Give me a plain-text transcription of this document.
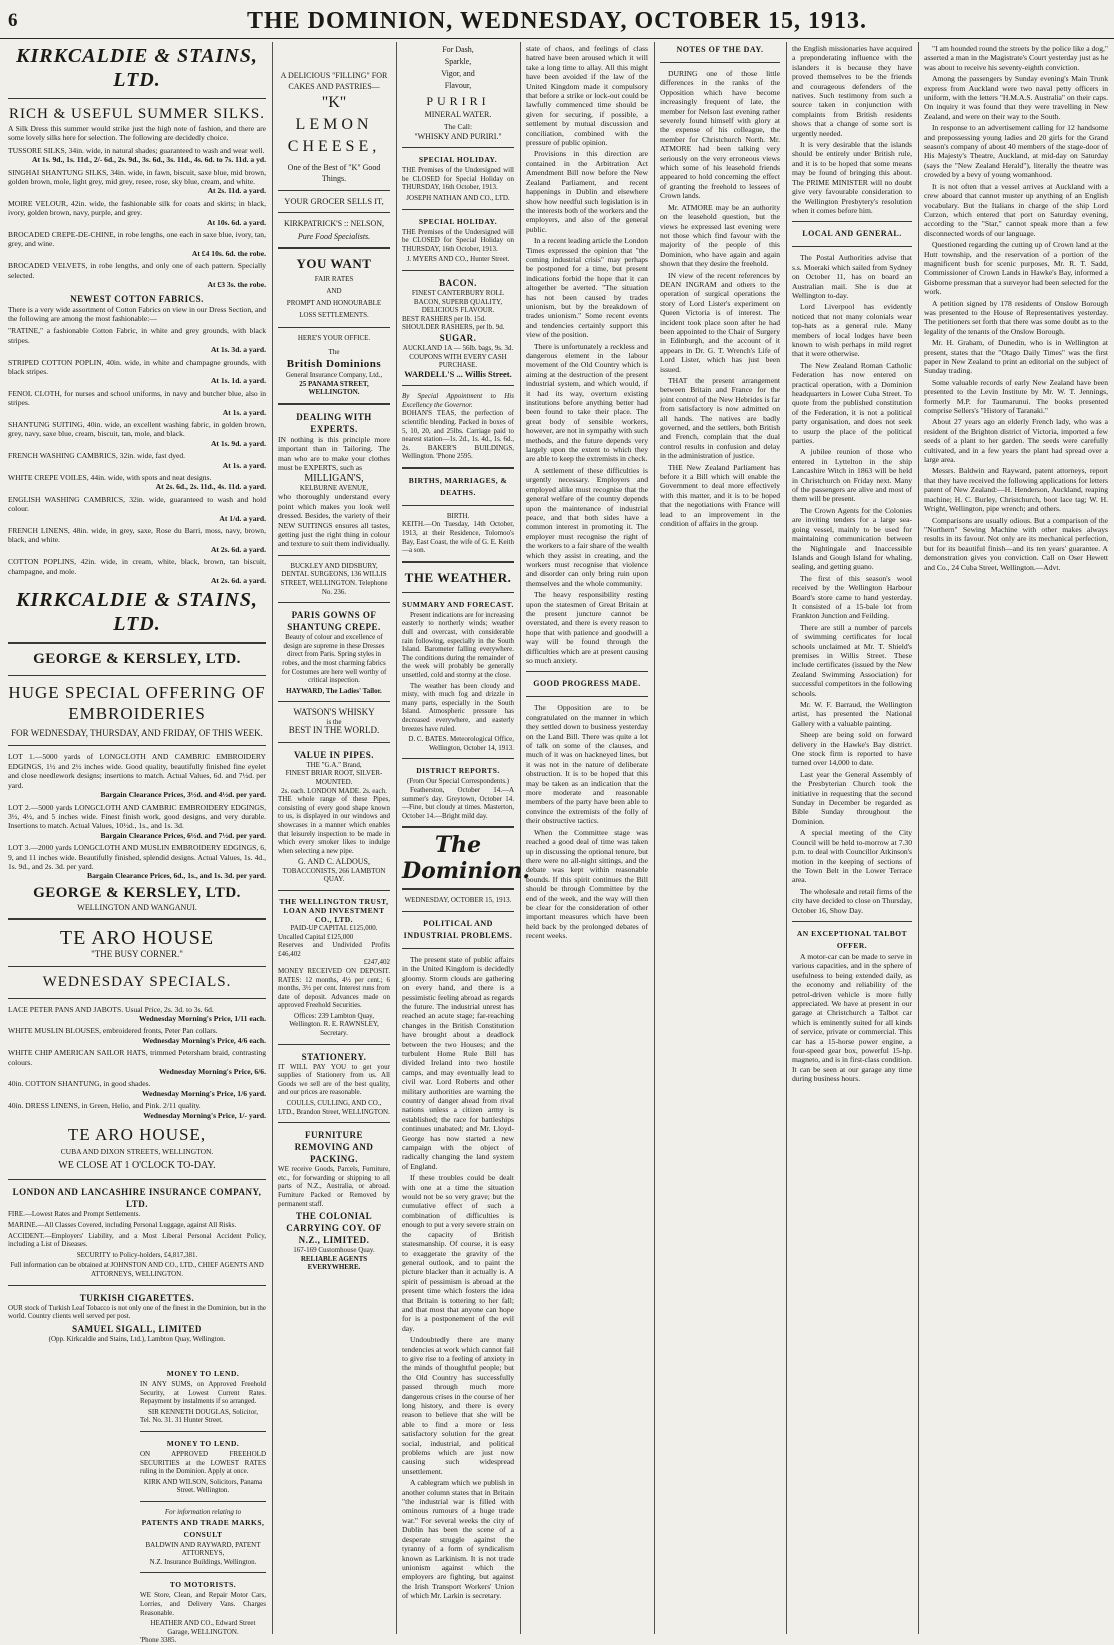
6	THE DOMINION, WEDNESDAY, OCTOBER 15, 1913.
KIRKCALDIE & STAINS, LTD.
RICH & USEFUL SUMMER SILKS.

A Silk Dress this summer would strike just the high note of fashion, and there are some lovely silks here for selection. The following are decidedly choice.

TUSSORE SILKS, 34in. wide, in natural shades; guaranteed to wash and wear well.
At 1s. 9d., 1s. 11d., 2/- 6d., 2s. 9d., 3s. 6d., 3s. 11d., 4s. 6d. to 7s. 11d. a yd.
SINGHAI SHANTUNG SILKS, 34in. wide, in fawn, biscuit, saxe blue, mid brown, golden brown, mole, light grey, mid grey, resee, rose, sky blue, cream, and white.
At 2s. 11d. a yard.
MOIRE VELOUR, 42in. wide, the fashionable silk for coats and skirts; in black, ivory, golden brown, navy, purple, and grey.
At 10s. 6d. a yard.
BROCADED CREPE-DE-CHINE, in robe lengths, one each in saxe blue, ivory, tan, grey, and wine.
At £4 10s. 6d. the robe.
BROCADED VELVETS, in robe lengths, and only one of each pattern. Specially selected.
At £3 3s. the robe.
NEWEST COTTON FABRICS.

There is a very wide assortment of Cotton Fabrics on view in our Dress Section, and the following are among the most fashionable:—

"RATINE," a fashionable Cotton Fabric, in white and grey grounds, with black stripes.
At 1s. 3d. a yard.
STRIPED COTTON POPLIN, 40in. wide, in white and champagne grounds, with black stripes.
At 1s. 1d. a yard.
FENOL CLOTH, for nurses and school uniforms, in navy and butcher blue, also in stripes.
At 1s. a yard.
SHANTUNG SUITING, 40in. wide, an excellent washing fabric, in golden brown, grey, navy, saxe blue, cream, biscuit, tan, mole, and black.
At 1s. 9d. a yard.
FRENCH WASHING CAMBRICS, 32in. wide, fast dyed.
At 1s. a yard.
WHITE CREPE VOILES, 44in. wide, with spots and neat designs.
At 2s. 6d., 2s. 11d., 4s. 11d. a yard.
ENGLISH WASHING CAMBRICS, 32in. wide, guaranteed to wash and hold colour.
At 1/d. a yard.
FRENCH LINENS, 48in. wide, in grey, saxe, Rose du Barri, moss, navy, brown, black, and white.
At 2s. 6d. a yard.
COTTON POPLINS, 42in. wide, in cream, white, black, brown, tan biscuit, champagne, and mole.
At 2s. 6d. a yard.
KIRKCALDIE & STAINS, LTD.
GEORGE & KERSLEY, LTD.
HUGE SPECIAL OFFERING OF EMBROIDERIES
FOR WEDNESDAY, THURSDAY, AND FRIDAY, OF THIS WEEK.
LOT 1.—5000 yards of LONGCLOTH AND CAMBRIC EMBROIDERY EDGINGS, 1½ and 2½ inches wide. Good quality, beautifully finished fine eyelet and close needlework designs; insertions to match. Actual Values, 6d. and 7½d. per yard.
Bargain Clearance Prices, 3½d. and 4½d. per yard.
LOT 2.—5000 yards LONGCLOTH AND CAMBRIC EMBROIDERY EDGINGS, 3½, 4½, and 5 inches wide. Finest finish work, good designs, and very durable. Insertions to match. Actual Values, 10½d., 1s., and 1s. 3d.
Bargain Clearance Prices, 6½d. and 7½d. per yard.
LOT 3.—2000 yards LONGCLOTH AND MUSLIN EMBROIDERY EDGINGS, 6, 9, and 11 inches wide. Beautifully finished, splendid designs. Actual Values, 1s. 4d., 1s. 9d., and 2s. 3d. per yard.
Bargain Clearance Prices, 6d., 1s., and 1s. 3d. per yard.
GEORGE & KERSLEY, LTD.
WELLINGTON AND WANGANUI.
TE ARO HOUSE
"THE BUSY CORNER."
WEDNESDAY SPECIALS.
LACE PETER PANS AND JABOTS. Usual Price, 2s. 3d. to 3s. 6d.
Wednesday Morning's Price, 1/11 each.
WHITE MUSLIN BLOUSES, embroidered fronts, Peter Pan collars.
Wednesday Morning's Price, 4/6 each.
WHITE CHIP AMERICAN SAILOR HATS, trimmed Petersham braid, contrasting colours.
Wednesday Morning's Price, 6/6.
40in. COTTON SHANTUNG, in good shades.
Wednesday Morning's Price, 1/6 yard.
40in. DRESS LINENS, in Green, Helio, and Pink. 2/11 quality.
Wednesday Morning's Price, 1/- yard.
TE ARO HOUSE,
CUBA AND DIXON STREETS, WELLINGTON.
WE CLOSE AT 1 O'CLOCK TO-DAY.
LONDON AND LANCASHIRE INSURANCE COMPANY, LTD.

FIRE.—Lowest Rates and Prompt Settlements.

MARINE.—All Classes Covered, including Personal Luggage, against All Risks.

ACCIDENT.—Employers' Liability, and a Most Liberal Personal Accident Policy, including a List of Diseases.

SECURITY to Policy-holders, £4,817,381.

Full information can be obtained at JOHNSTON AND CO., LTD., CHIEF AGENTS AND ATTORNEYS, WELLINGTON.

TURKISH CIGARETTES.

OUR stock of Turkish Leaf Tobacco is not only one of the finest in the Dominion, but in the world. Country clients well served per post.

SAMUEL SIGALL, LIMITED
(Opp. Kirkcaldie and Stains, Ltd.), Lambton Quay, Wellington.
A DELICIOUS "FILLING" FOR CAKES AND PASTRIES—
"K"
LEMON
CHEESE,
One of the Best of "K" Good Things.
YOUR GROCER SELLS IT,
KIRKPATRICK'S :: NELSON,
Pure Food Specialists.
YOU WANT
FAIR RATES
AND
PROMPT AND HONOURABLE
LOSS SETTLEMENTS.
HERE'S YOUR OFFICE.
The
British Dominions
General Insurance Company, Ltd.,
25 PANAMA STREET, WELLINGTON.
DEALING WITH EXPERTS.

IN nothing is this principle more important than in Tailoring. The man who are to make your clothes must be EXPERTS, such as

MILLIGAN'S,
KELBURNE AVENUE,

who thoroughly understand every point which makes you look well dressed. Besides, the variety of their NEW SUITINGS ensures all tastes, getting just the right thing in colour and texture to suit them individually.

BUCKLEY AND DIDSBURY, DENTAL SURGEONS, 136 WILLIS STREET, WELLINGTON. Telephone No. 236.

PARIS GOWNS OF SHANTUNG CREPE.

Beauty of colour and excellence of design are supreme in these Dresses direct from Paris. Spring styles in robes, and the most charming fabrics for Costumes are here well worthy of critical inspection.

HAYWARD, The Ladies' Tailor.
WATSON'S WHISKY
is the
BEST IN THE WORLD.
VALUE IN PIPES.
THE "G.A." Brand,
FINEST BRIAR ROOT, SILVER-MOUNTED.
2s. each. LONDON MADE. 2s. each.

THE whole range of these Pipes, consisting of every good shape known to us, is displayed in our windows and showcases in a manner which enables that leisurely inspection to be made in which every smoker likes to indulge when selecting a new pipe.

G. AND C. ALDOUS,
TOBACCONISTS, 266 LAMBTON QUAY.
THE WELLINGTON TRUST, LOAN AND INVESTMENT CO., LTD.
PAID-UP CAPITAL £125,000.
Uncalled Capital £125,000
Reserves and Undivided Profits £46,402
£247,402

MONEY RECEIVED ON DEPOSIT. RATES: 12 months, 4½ per cent.; 6 months, 3½ per cent. Interest runs from date of deposit. Advances made on approved Freehold Securities.

Offices: 239 Lambton Quay, Wellington. R. E. RAWNSLEY, Secretary.

STATIONERY.

IT WILL PAY YOU to get your supplies of Stationery from us. All Goods we sell are of the best quality, and our prices are reasonable.

COULLS, CULLING, AND CO., LTD., Brandon Street, WELLINGTON.
FURNITURE REMOVING AND PACKING.

WE receive Goods, Parcels, Furniture, etc., for forwarding or shipping to all parts of N.Z., Australia, or abroad. Furniture Packed or Removed by permanent staff.

THE COLONIAL CARRYING COY. OF N.Z., LIMITED.
167-169 Customhouse Quay.
RELIABLE AGENTS EVERYWHERE.
MONEY TO LEND.

IN ANY SUMS, on Approved Freehold Security, at Lowest Current Rates. Repayment by instalments if so arranged.

SIR KENNETH DOUGLAS, Solicitor,
Tel. No. 31. 31 Hunter Street.
MONEY TO LEND.

ON APPROVED FREEHOLD SECURITIES at the LOWEST RATES ruling in the Dominion. Apply at once.

KIRK AND WILSON, Solicitors, Panama Street. Wellington.
For information relating to
PATENTS AND TRADE MARKS, CONSULT
BALDWIN AND RAYWARD, PATENT ATTORNEYS,
N.Z. Insurance Buildings, Wellington.
TO MOTORISTS.

WE Store, Clean, and Repair Motor Cars, Lorries, and Delivery Vans. Charges Reasonable.

HEATHER AND CO., Edward Street Garage, WELLINGTON.
'Phone 3385.
For Dash,
Sparkle,
Vigor, and
Flavour,
PURIRI
MINERAL WATER.
The Call:
"WHISKY AND PURIRI."
SPECIAL HOLIDAY.

THE Premises of the Undersigned will be CLOSED for Special Holiday on THURSDAY, 16th October, 1913.

JOSEPH NATHAN AND CO., LTD.
SPECIAL HOLIDAY.

THE Premises of the Undersigned will be CLOSED for Special Holiday on THURSDAY, 16th October, 1913.

J. MYERS AND CO., Hunter Street.
BACON.
FINEST CANTERBURY ROLL BACON, SUPERB QUALITY, DELICIOUS FLAVOUR.
BEST RASHERS per lb. 15d.
SHOULDER RASHERS, per lb. 9d.
SUGAR.
AUCKLAND 1A — 56lb. bags, 9s. 3d. COUPONS WITH EVERY CASH PURCHASE.
WARDELL'S ... Willis Street.
By Special Appointment to His Excellency the Governor.

BOHAN'S TEAS, the perfection of scientific blending. Packed in boxes of 5, 10, 20, and 25lbs. Carriage paid to nearest station—1s. 2d., 1s. 4d., 1s. 6d., 2s. BAKER'S BUILDINGS, Wellington. 'Phone 2595.

BIRTHS, MARRIAGES, & DEATHS.
BIRTH.

KEITH.—On Tuesday, 14th October, 1913, at their Residence, Tolomoo's Bay, East Coast, the wife of G. E. Keith—a son.

THE WEATHER.
SUMMARY AND FORECAST.

Present indications are for increasing easterly to northerly winds; weather dull and overcast, with considerable rain following, especially in the South Island. Barometer falling everywhere. The conditions during the remainder of the week will probably be generally unsettled, cold and stormy at the close.

The weather has been cloudy and misty, with much fog and drizzle in many parts, especially in the South Island. Atmospheric pressure has decreased everywhere, and easterly breezes have ruled.

D. C. BATES. Meteorological Office, Wellington, October 14, 1913.
DISTRICT REPORTS.
(From Our Special Correspondents.)

Featherston, October 14.—A summer's day. Greytown, October 14.—Fine, but cloudy at times. Masterton, October 14.—Bright mild day.

The Dominion.
WEDNESDAY, OCTOBER 15, 1913.
POLITICAL AND INDUSTRIAL PROBLEMS.

The present state of public affairs in the United Kingdom is decidedly gloomy. Storm clouds are gathering on every hand, and there is a pessimistic feeling abroad as regards the future. The industrial unrest has reached an acute stage; far-reaching changes in the British Constitution have brought about a deadlock between the two Houses; and the turbulent Home Rule Bill has divided Ireland into two hostile camps, and may eventually lead to civil war. Lord Roberts and other military authorities are warning the country of danger ahead from rival nations unless a citizen army is established; the race for battleships continues unabated; and Mr. Lloyd-George has now started a new campaign with the object of radically changing the land system of England.

If these troubles could be dealt with one at a time the situation would not be so very grave; but the cumulative effect of such a combination of difficulties is enough to put a very severe strain on the capacity of British statesmanship. Of course, it is easy to exaggerate the gravity of the general outlook, and to paint the picture blacker than it actually is. A spirit of pessimism is abroad at the present time which fosters the idea that Britain is tottering to her fall; and that most that anyone can hope for is a postponement of the evil day.

Undoubtedly there are many tendencies at work which cannot fail to give rise to a feeling of anxiety in the minds of thoughtful people; but the Old Country has successfully passed through much more dangerous crises in the course of her long history, and there is every reason to believe that she will be able to find a more or less satisfactory solution for the great social, industrial, and political problems which are just now causing such widespread unsettlement.

A cablegram which we publish in another column states that in Britain "the industrial war is filled with ominous rumours of a huge trade war." For several weeks the city of Dublin has been the scene of a desperate struggle against the tyranny of a form of syndicalism known as Larkinism. It is not trade unionism against which the employers are fighting, but against the Irish Transport Workers' Union of which Mr. Larkin is secretary.

state of chaos, and feelings of class hatred have been aroused which it will take a long time to allay. All this might have been avoided if the law of the United Kingdom made it compulsory that before a strike or lock-out could be lawfully commenced time should be given for securing, if possible, a settlement by mutual discussion and conciliation, combined with the pressure of public opinion.

Provisions in this direction are contained in the Arbitration Act Amendment Bill now before the New Zealand Parliament, and recent happenings in Dublin and elsewhere show how needful such legislation is in the interests both of the workers and the employers, and also of the general public.

In a recent leading article the London Times expressed the opinion that "the coming industrial crisis" may perhaps be postponed for a time, but present indications forbid the hope that it can altogether be averted. "The situation has not been caused by trades unionism, but by the breakdown of trades unionism." Some recent events and tendencies certainly support this view of the position.

There is unfortunately a reckless and dangerous element in the labour movement of the Old Country which is aiming at the destruction of the present industrial system, and which would, if it had its way, overturn existing institutions before anything better had been found to take their place. The great body of sensible workers, however, are not in sympathy with such methods, and the future depends very largely upon the extent to which they are able to keep the extremists in check.

A settlement of these difficulties is urgently necessary. Employers and employed alike must recognise that the general welfare of the country depends upon the maintenance of industrial peace, and that both sides have a common interest in promoting it. The employer must recognise the right of the workers to a fair share of the wealth which they assist in creating, and the workers must recognise that violence and disorder can only bring ruin upon themselves and the whole community.

The heavy responsibility resting upon the statesmen of Great Britain at the present juncture cannot be overstated, and there is every reason to hope that with patience and goodwill a way will be found through the difficulties which are at present causing so much anxiety.

GOOD PROGRESS MADE.

The Opposition are to be congratulated on the manner in which they settled down to business yesterday on the Land Bill. There was quite a lot of talk on some of the clauses, and much of it was on hackneyed lines, but it was not in the nature of deliberate obstruction. It is to be hoped that this may be taken as an indication that the more moderate and reasonable members of the party have been able to convince the extremists of the folly of their obstructive tactics.

When the Committee stage was reached a good deal of time was taken up in discussing the optional tenure, but there were no all-night sittings, and the debate was kept within reasonable bounds. If this spirit continues the Bill should be through Committee by the end of the week, and the way will then be clear for the consideration of other important measures which have been held back by the prolonged debates of recent weeks.

NOTES OF THE DAY.

DURING one of those little differences in the ranks of the Opposition which have become increasingly frequent of late, the member for Nelson last evening rather severely found himself with glory at the expense of his colleague, the member for Christchurch North. Mr. ATMORE had been talking very seriously on the very erroneous views which some of his leasehold friends appeared to hold concerning the effect of granting the freehold to lessees of Crown lands.

Mr. ATMORE may be an authority on the leasehold question, but the views he expressed last evening were not those which find favour with the majority of the people of this Dominion, who have again and again shown that they desire the freehold.

IN view of the recent references by DEAN INGRAM and others to the operation of surgical operations the story of Lord Lister's experiment on Queen Victoria is of interest. The incident took place soon after he had been appointed to the Chair of Surgery in Edinburgh, and the account of it appears in Dr. G. T. Wrench's Life of Lord Lister, which has just been issued.

THAT the present arrangement between Britain and France for the joint control of the New Hebrides is far from satisfactory is now admitted on all hands. The natives are badly governed, and the settlers, both British and French, complain that the dual control results in confusion and delay in the administration of justice.

THE New Zealand Parliament has before it a Bill which will enable the Government to deal more effectively with this matter, and it is to be hoped that the negotiations with France will lead to an improvement in the condition of affairs in the group.

the English missionaries have acquired a preponderating influence with the islanders it is because they have proved themselves to be the friends and courageous defenders of the natives. Such testimony from such a source taken in conjunction with complaints from British residents shows that a change of some sort is urgently needed.

It is very desirable that the islands should be entirely under British rule, and it is to be hoped that some means may be found of bringing this about. The PRIME MINISTER will no doubt give very favourable consideration to the Wellington Presbytery's resolution when it comes before him.

LOCAL AND GENERAL.

The Postal Authorities advise that s.s. Moeraki which sailed from Sydney on October 11, has on board an Australian mail. She is due at Wellington to-day.

Lord Liverpool has evidently noticed that not many colonials wear top-hats as a general rule. Many members of local lodges have been known to wish perhaps in mild regret that it were otherwise.

The New Zealand Roman Catholic Federation has now entered on practical operation, with a Dominion headquarters in Lower Cuba Street. To quote from the published constitution of the Federation, it is not a political party organisation, and does not seek to usurp the place of the political parties.

A jubilee reunion of those who entered in Lyttelton in the ship Lancashire Witch in 1863 will be held in Christchurch on Friday next. Many of the passengers are alive and most of them will be present.

The Crown Agents for the Colonies are inviting tenders for a large sea-going vessel, mainly to be used for maintaining communication between the Nightingale and Inaccessible Islands and Gough Island for whaling, sealing, and getting guano.

The first of this season's wool received by the Wellington Harbour Board's store came to hand yesterday. It consisted of a 15-bale lot from Frankton Junction and Feilding.

There are still a number of parcels of swimming certificates for local schools unclaimed at Mr. T. Shield's premises in Willis Street. These include certificates (issued by the New Zealand Swimming Association) for successful competitors in the following schools.

Mr. W. F. Barraud, the Wellington artist, has presented the National Gallery with a valuable painting.

Sheep are being sold on forward delivery in the Hawke's Bay district. One stock firm is reported to have turned over 14,000 to date.

Last year the General Assembly of the Presbyterian Church took the initiative in requesting that the second Sunday in December be regarded as Bible Sunday throughout the Dominion.

A special meeting of the City Council will be held to-morrow at 7.30 p.m. to deal with Councillor Atkinson's motion in the keeping of sections of the Town Belt in the Lower Terrace area.

The wholesale and retail firms of the city have decided to close on Thursday, October 16, Show Day.

AN EXCEPTIONAL TALBOT OFFER.

A motor-car can be made to serve in various capacities, and in the sphere of usefulness to being extended daily, as the economy and reliability of the petrol-driven vehicle is more fully appreciated. We have at present in our garage at Christchurch a Talbot car which is eminently suited for all kinds of service, private or commercial. This car has a 15-horse power engine, a four-speed gear box, powerful 15-hp. magneto, and is in first-class condition. It can be seen at our garage any time during business hours.

"I am hounded round the streets by the police like a dog," asserted a man in the Magistrate's Court yesterday just as he was about to receive his seventy-eighth conviction.

Among the passengers by Sunday evening's Main Trunk express from Auckland were two naval petty officers in uniform, with the letters "H.M.A.S. Australia" on their caps. On inquiry it was found that they were travelling in New Zealand, and were on their way to the South.

In response to an advertisement calling for 12 handsome and prepossessing young ladies and 20 girls for the Grand season's company of about 40 members of the stage-door of His Majesty's Theatre, Auckland, at mid-day on Saturday (says the "New Zealand Herald"), literally the theatre was crowded by a bevy of young womanhood.

It is not often that a vessel arrives at Auckland with a crew aboard that cannot muster up anything of an English vocabulary. But the Italians in charge of the ship Lord Curzon, which entered that port on Saturday evening, according to the "Star," cannot speak more than a few disconnected words of our language.

Questioned regarding the cutting up of Crown land at the Hutt township, and the reservation of a portion of the magnificent bush for scenic purposes, Mr. R. T. Sadd, Commissioner of Crown Lands in Hawke's Bay, informed a Gisborne pressman that a surveyor had been selected for the work.

A petition signed by 178 residents of Onslow Borough was presented to the House of Representatives yesterday. The petitioners set forth that there was some doubt as to the legality of the tenants of the Onslow Borough.

Mr. H. Graham, of Dunedin, who is in Wellington at present, states that the "Otago Daily Times" was the first paper in New Zealand to print an editorial on the subject of Sunday trading.

Some valuable records of early New Zealand have been presented to the Levin Institute by Mr. W. T. Jennings, formerly M.P. for Taumarunui. The books presented comprise Sellers's "History of Taranaki."

About 27 years ago an elderly French lady, who was a resident of the Brighton district of Victoria, imported a few seeds of a plant to her garden. The seeds were carefully cultivated, and in a few years the plant had spread over a large area.

Messrs. Baldwin and Rayward, patent attorneys, report that they have received the following applications for letters patent of New Zealand:—H. Henderson, Auckland, reaping machine; H. C. Burley, Christchurch, boot lace tag; W. H. Wright, Wellington, pipe wrench; and others.

Comparisons are usually odious. But a comparison of the "Northern" Sewing Machine with other makes always results in its favour. Not only are its mechanical perfection, but for its beautiful finish—and its ten years' guarantee. A demonstration gives you conviction. Call on Oser Hewett and Co., 24 Cuba Street, Wellington.—Advt.
